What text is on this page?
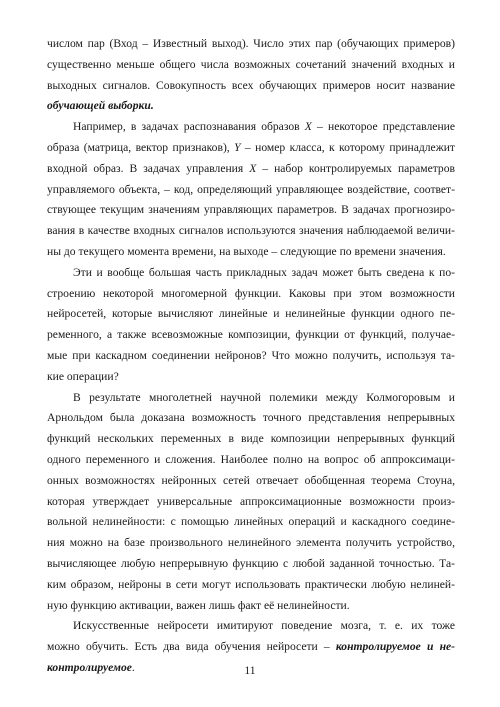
числом пар (Вход – Известный выход). Число этих пар (обучающих примеров)
существенно меньше общего числа возможных сочетаний значений входных и
выходных сигналов. Совокупность всех обучающих примеров носит название
обучающей выборки.

Например, в задачах распознавания образов X – некоторое представление
образа (матрица, вектор признаков), Y – номер класса, к которому принадлежит
входной образ. В задачах управления X – набор контролируемых параметров
управляемого объекта, – код, определяющий управляющее воздействие, соответ-
ствующее текущим значениям управляющих параметров. В задачах прогнозиро-
вания в качестве входных сигналов используются значения наблюдаемой величи-
ны до текущего момента времени, на выходе – следующие по времени значения.

Эти и вообще большая часть прикладных задач может быть сведена к по-
строению некоторой многомерной функции. Каковы при этом возможности
нейросетей, которые вычисляют линейные и нелинейные функции одного пе-
ременного, а также всевозможные композиции, функции от функций, получае-
мые при каскадном соединении нейронов? Что можно получить, используя та-
кие операции?

В результате многолетней научной полемики между Колмогоровым и
Арнольдом была доказана возможность точного представления непрерывных
функций нескольких переменных в виде композиции непрерывных функций
одного переменного и сложения. Наиболее полно на вопрос об аппроксимаци-
онных возможностях нейронных сетей отвечает обобщенная теорема Стоуна,
которая утверждает универсальные аппроксимационные возможности произ-
вольной нелинейности: с помощью линейных операций и каскадного соедине-
ния можно на базе произвольного нелинейного элемента получить устройство,
вычисляющее любую непрерывную функцию с любой заданной точностью. Та-
ким образом, нейроны в сети могут использовать практически любую нелиней-
ную функцию активации, важен лишь факт её нелинейности.

Искусственные нейросети имитируют поведение мозга, т. е. их тоже
можно обучить. Есть два вида обучения нейросети – контролируемое и не-
контролируемое.	11
